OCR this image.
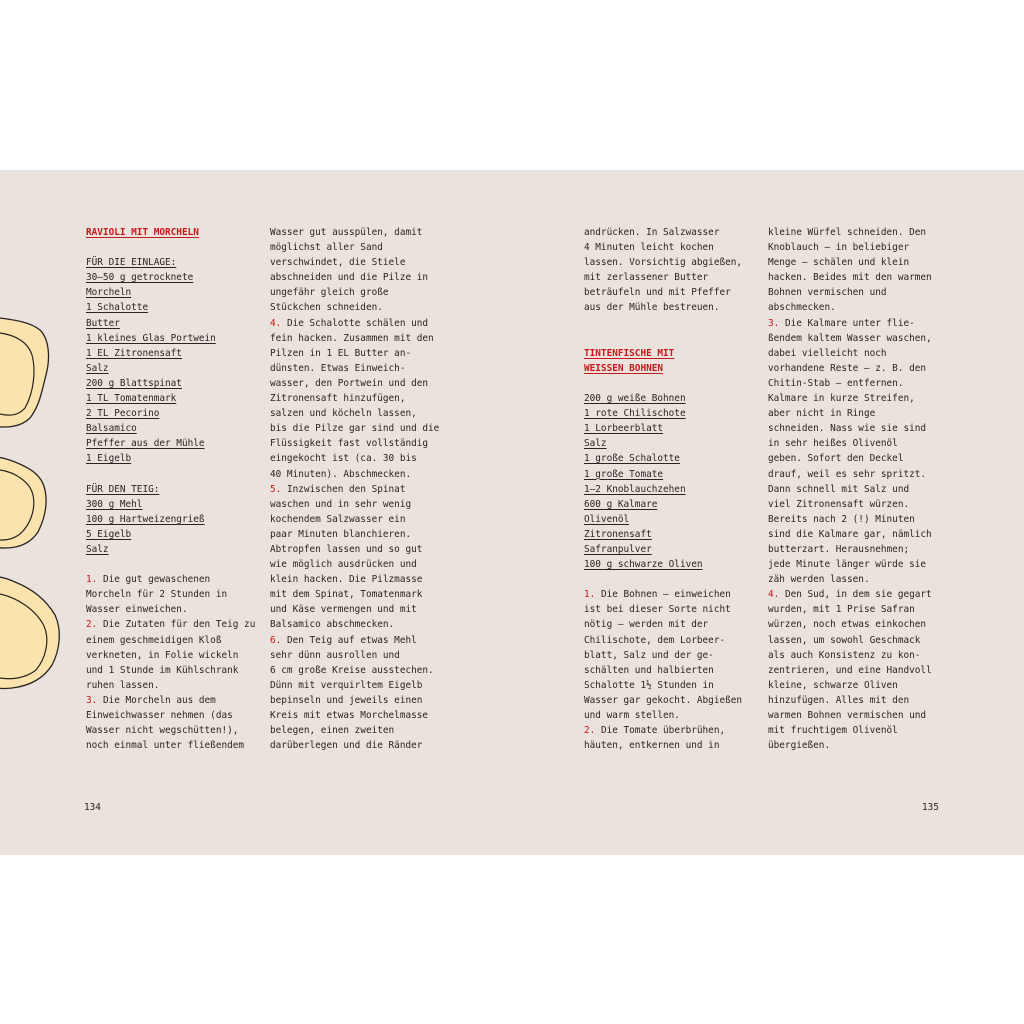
RAVIOLI MIT MORCHELN
FÜR DIE EINLAGE:
30–50 g getrocknete
Morcheln
1 Schalotte
Butter
1 kleines Glas Portwein
1 EL Zitronensaft
Salz
200 g Blattspinat
1 TL Tomatenmark
2 TL Pecorino
Balsamico
Pfeffer aus der Mühle
1 Eigelb
FÜR DEN TEIG:
300 g Mehl
100 g Hartweizengrieß
5 Eigelb
Salz
1. Die gut gewaschenen
Morcheln für 2 Stunden in
Wasser einweichen.
2. Die Zutaten für den Teig zu
einem geschmeidigen Kloß
verkneten, in Folie wickeln
und 1 Stunde im Kühlschrank
ruhen lassen.
3. Die Morcheln aus dem
Einweichwasser nehmen (das
Wasser nicht wegschütten!),
noch einmal unter fließendem
Wasser gut ausspülen, damit
möglichst aller Sand
verschwindet, die Stiele
abschneiden und die Pilze in
ungefähr gleich große
Stückchen schneiden.
4. Die Schalotte schälen und
fein hacken. Zusammen mit den
Pilzen in 1 EL Butter an-
dünsten. Etwas Einweich-
wasser, den Portwein und den
Zitronensaft hinzufügen,
salzen und köcheln lassen,
bis die Pilze gar sind und die
Flüssigkeit fast vollständig
eingekocht ist (ca. 30 bis
40 Minuten). Abschmecken.
5. Inzwischen den Spinat
waschen und in sehr wenig
kochendem Salzwasser ein
paar Minuten blanchieren.
Abtropfen lassen und so gut
wie möglich ausdrücken und
klein hacken. Die Pilzmasse
mit dem Spinat, Tomatenmark
und Käse vermengen und mit
Balsamico abschmecken.
6. Den Teig auf etwas Mehl
sehr dünn ausrollen und
6 cm große Kreise ausstechen.
Dünn mit verquirltem Eigelb
bepinseln und jeweils einen
Kreis mit etwas Morchelmasse
belegen, einen zweiten
darüberlegen und die Ränder
andrücken. In Salzwasser
4 Minuten leicht kochen
lassen. Vorsichtig abgießen,
mit zerlassener Butter
beträufeln und mit Pfeffer
aus der Mühle bestreuen.
TINTENFISCHE MIT
WEISSEN BOHNEN
200 g weiße Bohnen
1 rote Chilischote
1 Lorbeerblatt
Salz
1 große Schalotte
1 große Tomate
1–2 Knoblauchzehen
600 g Kalmare
Olivenöl
Zitronensaft
Safranpulver
100 g schwarze Oliven
1. Die Bohnen – einweichen
ist bei dieser Sorte nicht
nötig – werden mit der
Chilischote, dem Lorbeer-
blatt, Salz und der ge-
schälten und halbierten
Schalotte 1½ Stunden in
Wasser gar gekocht. Abgießen
und warm stellen.
2. Die Tomate überbrühen,
häuten, entkernen und in
kleine Würfel schneiden. Den
Knoblauch – in beliebiger
Menge – schälen und klein
hacken. Beides mit den warmen
Bohnen vermischen und
abschmecken.
3. Die Kalmare unter flie-
ßendem kaltem Wasser waschen,
dabei vielleicht noch
vorhandene Reste – z. B. den
Chitin-Stab – entfernen.
Kalmare in kurze Streifen,
aber nicht in Ringe
schneiden. Nass wie sie sind
in sehr heißes Olivenöl
geben. Sofort den Deckel
drauf, weil es sehr spritzt.
Dann schnell mit Salz und
viel Zitronensaft würzen.
Bereits nach 2 (!) Minuten
sind die Kalmare gar, nämlich
butterzart. Herausnehmen;
jede Minute länger würde sie
zäh werden lassen.
4. Den Sud, in dem sie gegart
wurden, mit 1 Prise Safran
würzen, noch etwas einkochen
lassen, um sowohl Geschmack
als auch Konsistenz zu kon-
zentrieren, und eine Handvoll
kleine, schwarze Oliven
hinzufügen. Alles mit den
warmen Bohnen vermischen und
mit fruchtigem Olivenöl
übergießen.
134	135
